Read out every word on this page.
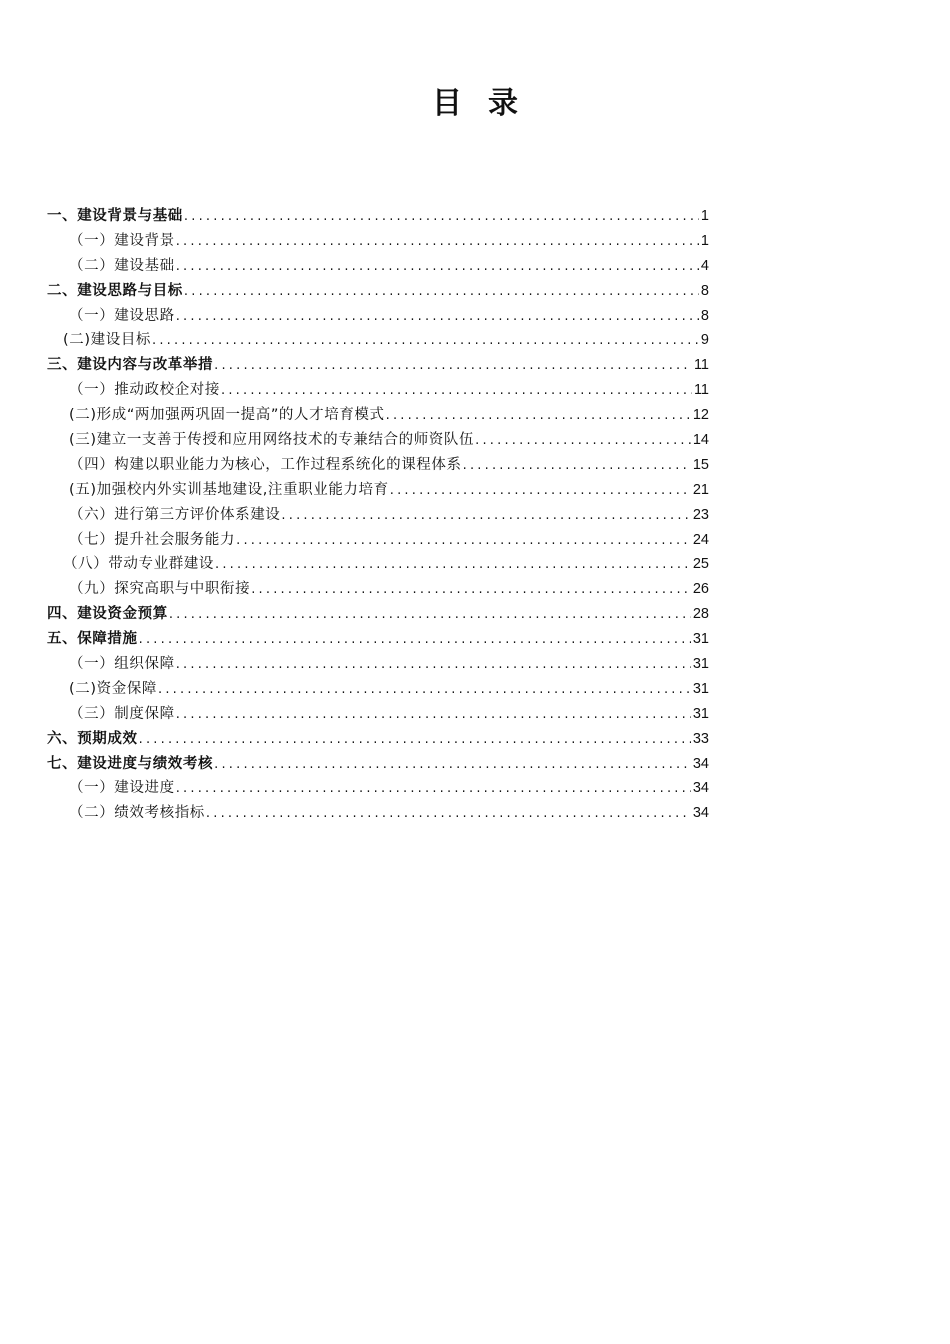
目 录
一、建设背景与基础 .....	1
（一）建设背景 .....	1
（二）建设基础 .....	4
二、建设思路与目标 .....	8
（一）建设思路 .....	8
(二)建设目标 .....	9
三、建设内容与改革举措 .....	11
（一）推动政校企对接 .....	11
(二)形成“两加强两巩固一提高”的人才培育模式 .....	12
(三)建立一支善于传授和应用网络技术的专兼结合的师资队伍 .....	14
（四）构建以职业能力为核心，工作过程系统化的课程体系 .....	15
(五)加强校内外实训基地建设,注重职业能力培育 .....	21
（六）进行第三方评价体系建设 .....	23
（七）提升社会服务能力 .....	24
（八）带动专业群建设 .....	25
（九）探究高职与中职衔接 .....	26
四、建设资金预算 .....	28
五、保障措施 .....	31
（一）组织保障 .....	31
(二)资金保障 .....	31
（三）制度保障 .....	31
六、预期成效 .....	33
七、建设进度与绩效考核 .....	34
（一）建设进度 .....	34
（二）绩效考核指标 .....	34
